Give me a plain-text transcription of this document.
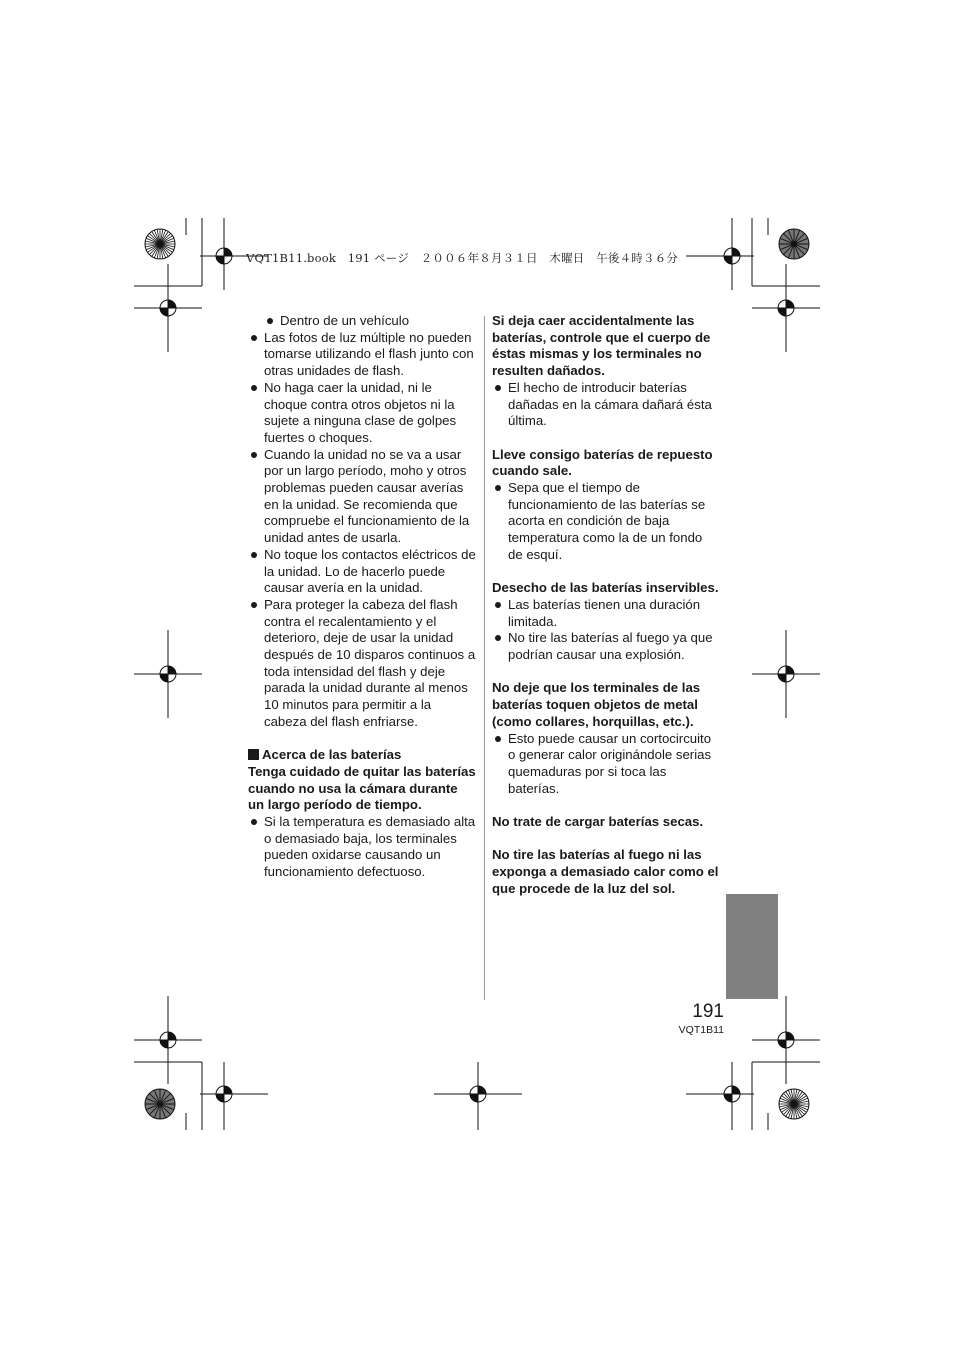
VQT1B11.book　191 ページ　２００６年８月３１日　木曜日　午後４時３６分
Dentro de un vehículo
Las fotos de luz múltiple no pueden tomarse utilizando el flash junto con otras unidades de flash.
No haga caer la unidad, ni le choque contra otros objetos ni la sujete a ninguna clase de golpes fuertes o choques.
Cuando la unidad no se va a usar por un largo período, moho y otros problemas pueden causar averías en la unidad. Se recomienda que compruebe el funcionamiento de la unidad antes de usarla.
No toque los contactos eléctricos de la unidad. Lo de hacerlo puede causar avería en la unidad.
Para proteger la cabeza del flash contra el recalentamiento y el deterioro, deje de usar la unidad después de 10 disparos continuos a toda intensidad del flash y deje parada la unidad durante al menos 10 minutos para permitir a la cabeza del flash enfriarse.

Acerca de las baterías

Tenga cuidado de quitar las baterías cuando no usa la cámara durante un largo período de tiempo.

Si la temperatura es demasiado alta o demasiado baja, los terminales pueden oxidarse causando un funcionamiento defectuoso.

Si deja caer accidentalmente las baterías, controle que el cuerpo de éstas mismas y los terminales no resulten dañados.

El hecho de introducir baterías dañadas en la cámara dañará ésta última.

Lleve consigo baterías de repuesto cuando sale.

Sepa que el tiempo de funcionamiento de las baterías se acorta en condición de baja temperatura como la de un fondo de esquí.

Desecho de las baterías inservibles.

Las baterías tienen una duración limitada.
No tire las baterías al fuego ya que podrían causar una explosión.

No deje que los terminales de las baterías toquen objetos de metal (como collares, horquillas, etc.).

Esto puede causar un cortocircuito o generar calor originándole serias quemaduras por si toca las baterías.

No trate de cargar baterías secas.

No tire las baterías al fuego ni las exponga a demasiado calor como el que procede de la luz del sol.

191
VQT1B11
